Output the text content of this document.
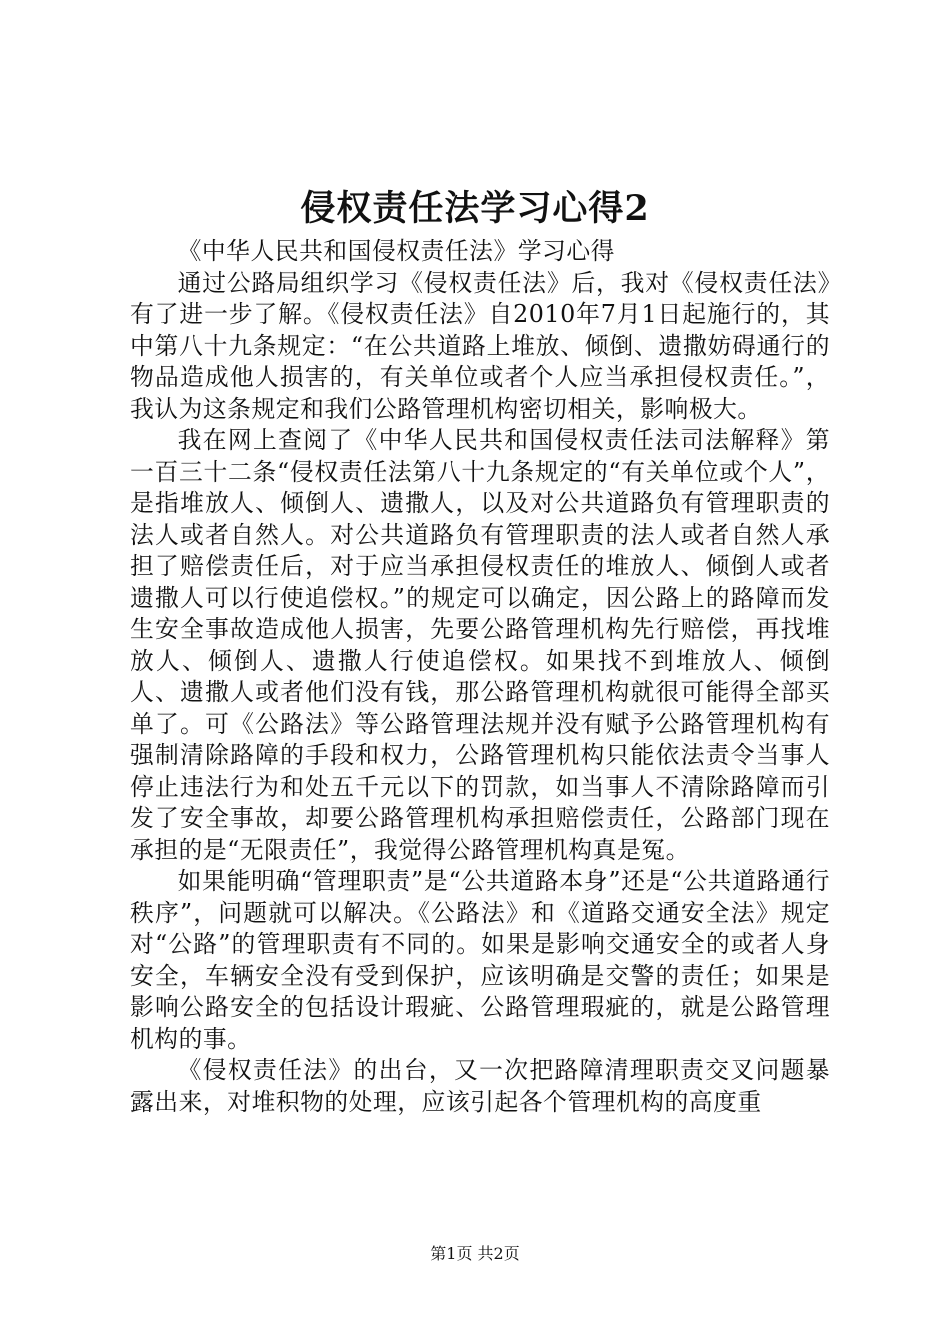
侵权责任法学习心得2

《中华人民共和国侵权责任法》学习心得

通过公路局组织学习《侵权责任法》后，我对《侵权责任法》有了进一步了解。《侵权责任法》自2010年7月1日起施行的，其中第八十九条规定：“在公共道路上堆放、倾倒、遗撒妨碍通行的物品造成他人损害的，有关单位或者个人应当承担侵权责任。”，我认为这条规定和我们公路管理机构密切相关，影响极大。

我在网上查阅了《中华人民共和国侵权责任法司法解释》第一百三十二条“侵权责任法第八十九条规定的“有关单位或个人”，是指堆放人、倾倒人、遗撒人，以及对公共道路负有管理职责的法人或者自然人。对公共道路负有管理职责的法人或者自然人承担了赔偿责任后，对于应当承担侵权责任的堆放人、倾倒人或者遗撒人可以行使追偿权。”的规定可以确定，因公路上的路障而发生安全事故造成他人损害，先要公路管理机构先行赔偿，再找堆放人、倾倒人、遗撒人行使追偿权。如果找不到堆放人、倾倒人、遗撒人或者他们没有钱，那公路管理机构就很可能得全部买单了。可《公路法》等公路管理法规并没有赋予公路管理机构有强制清除路障的手段和权力，公路管理机构只能依法责令当事人停止违法行为和处五千元以下的罚款，如当事人不清除路障而引发了安全事故，却要公路管理机构承担赔偿责任，公路部门现在承担的是“无限责任”，我觉得公路管理机构真是冤。

如果能明确“管理职责”是“公共道路本身”还是“公共道路通行秩序”，问题就可以解决。《公路法》和《道路交通安全法》规定对“公路”的管理职责有不同的。如果是影响交通安全的或者人身安全，车辆安全没有受到保护，应该明确是交警的责任；如果是影响公路安全的包括设计瑕疵、公路管理瑕疵的，就是公路管理机构的事。

《侵权责任法》的出台，又一次把路障清理职责交叉问题暴露出来，对堆积物的处理，应该引起各个管理机构的高度重

第1页 共2页
